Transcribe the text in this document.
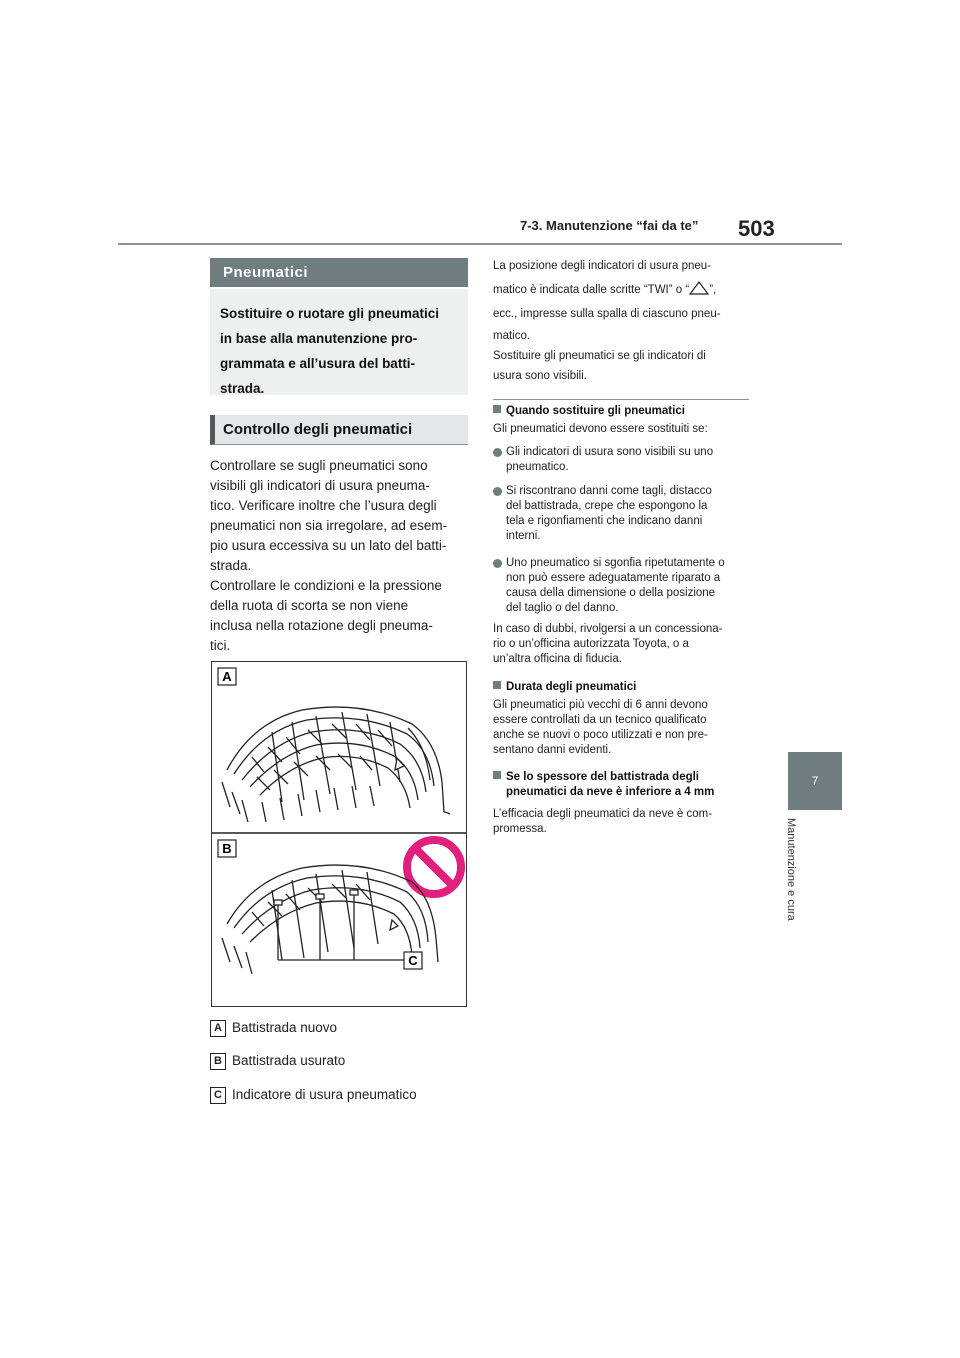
7-3. Manutenzione “fai da te” 503
7
Manutenzione e cura
Pneumatici
Sostituire o ruotare gli pneumatici
in base alla manutenzione pro-
grammata e all’usura del batti-
strada.
Controllo degli pneumatici
Controllare se sugli pneumatici sono
visibili gli indicatori di usura pneuma-
tico. Verificare inoltre che l’usura degli
pneumatici non sia irregolare, ad esem-
pio usura eccessiva su un lato del batti-
strada.
Controllare le condizioni e la pressione
della ruota di scorta se non viene
inclusa nella rotazione degli pneuma-
tici.
A
B
C
A Battistrada nuovo
B Battistrada usurato
C Indicatore di usura pneumatico
La posizione degli indicatori di usura pneu-
matico è indicata dalle scritte “TWI” o “ ”,
ecc., impresse sulla spalla di ciascuno pneu-
matico.
Sostituire gli pneumatici se gli indicatori di
usura sono visibili.
Quando sostituire gli pneumatici
Gli pneumatici devono essere sostituiti se:
Gli indicatori di usura sono visibili su uno
pneumatico.
Si riscontrano danni come tagli, distacco
del battistrada, crepe che espongono la
tela e rigonfiamenti che indicano danni
interni.
Uno pneumatico si sgonfia ripetutamente o
non può essere adeguatamente riparato a
causa della dimensione o della posizione
del taglio o del danno.
In caso di dubbi, rivolgersi a un concessiona-
rio o un’officina autorizzata Toyota, o a
un’altra officina di fiducia.
Durata degli pneumatici
Gli pneumatici più vecchi di 6 anni devono
essere controllati da un tecnico qualificato
anche se nuovi o poco utilizzati e non pre-
sentano danni evidenti.
Se lo spessore del battistrada degli
pneumatici da neve è inferiore a 4 mm
L’efficacia degli pneumatici da neve è com-
promessa.
